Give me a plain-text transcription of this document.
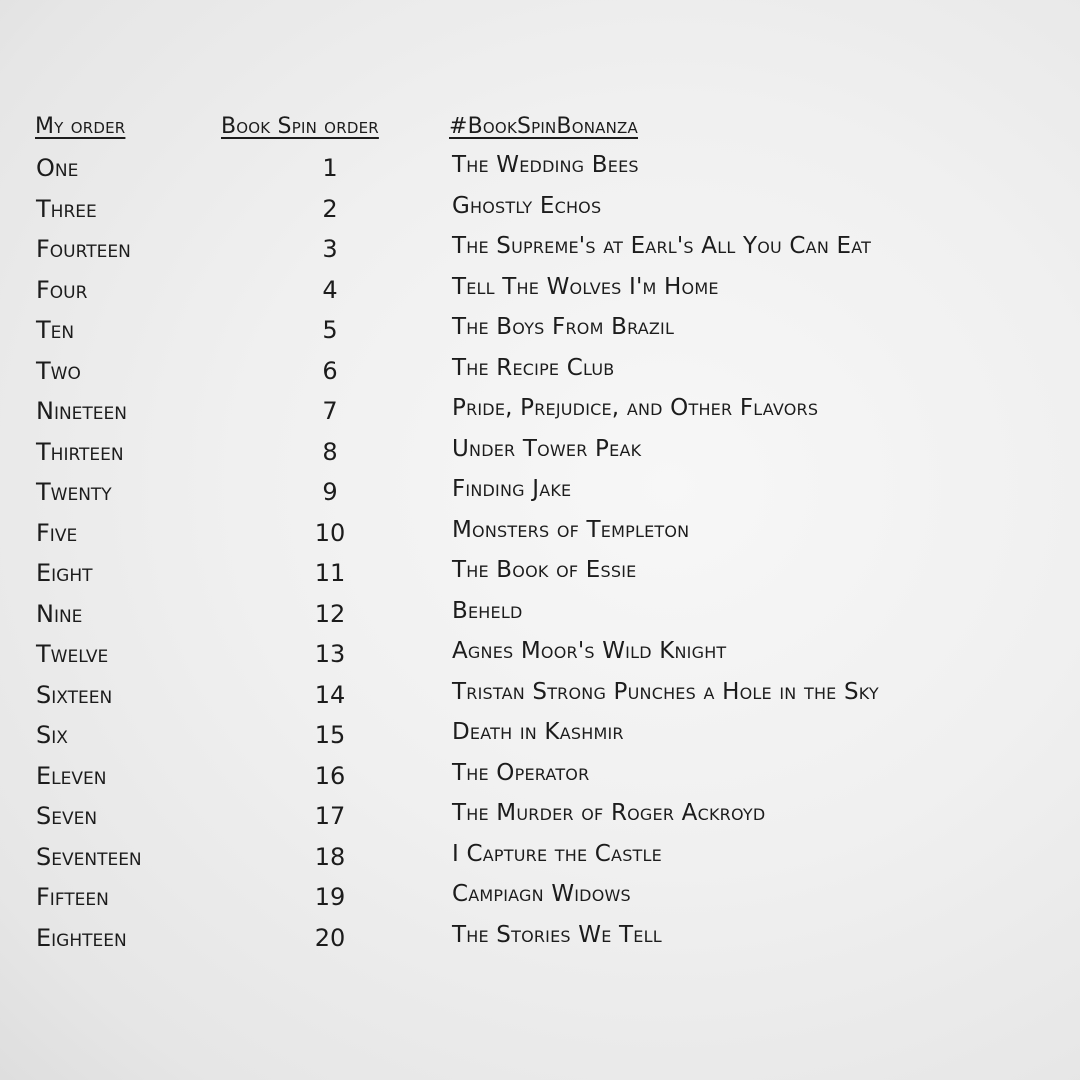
My order	Book Spin order	#BookSpinBonanza
One	1	The Wedding Bees
Three	2	Ghostly Echos
Fourteen	3	The Supreme's at Earl's All You Can Eat
Four	4	Tell The Wolves I'm Home
Ten	5	The Boys From Brazil
Two	6	The Recipe Club
Nineteen	7	Pride, Prejudice, and Other Flavors
Thirteen	8	Under Tower Peak
Twenty	9	Finding Jake
Five	10	Monsters of Templeton
Eight	11	The Book of Essie
Nine	12	Beheld
Twelve	13	Agnes Moor's Wild Knight
Sixteen	14	Tristan Strong Punches a Hole in the Sky
Six	15	Death in Kashmir
Eleven	16	The Operator
Seven	17	The Murder of Roger Ackroyd
Seventeen	18	I Capture the Castle
Fifteen	19	Campiagn Widows
Eighteen	20	The Stories We Tell
